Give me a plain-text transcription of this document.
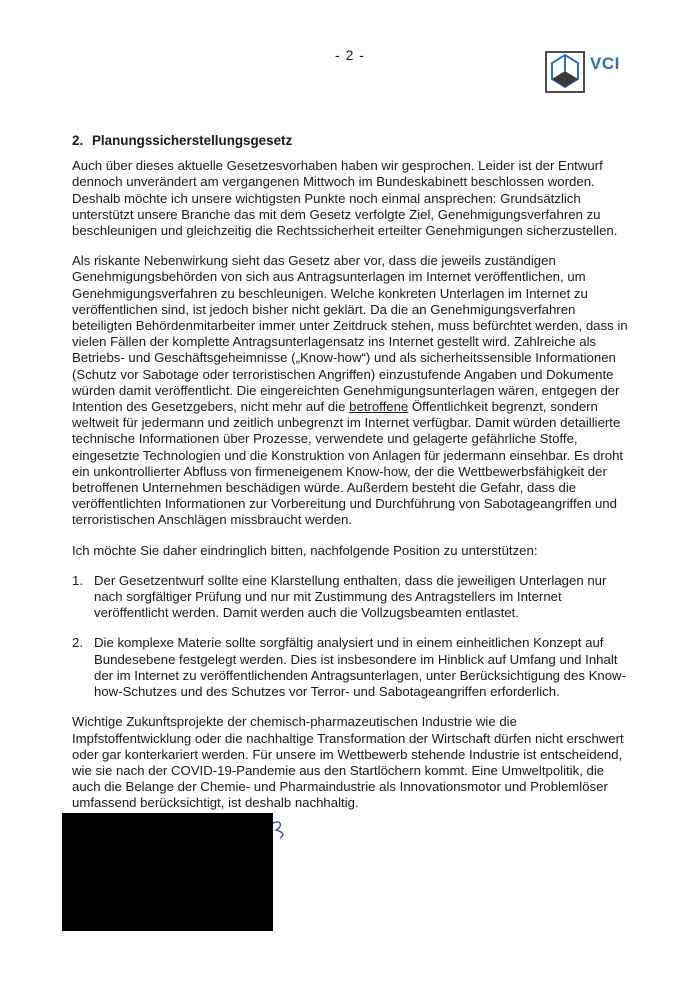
- 2 -	VCI
2. Planungssicherstellungsgesetz

Auch über dieses aktuelle Gesetzesvorhaben haben wir gesprochen. Leider ist der Entwurf dennoch unverändert am vergangenen Mittwoch im Bundeskabinett beschlossen worden. Deshalb möchte ich unsere wichtigsten Punkte noch einmal ansprechen: Grundsätzlich unterstützt unsere Branche das mit dem Gesetz verfolgte Ziel, Genehmigungsverfahren zu beschleunigen und gleichzeitig die Rechtssicherheit erteilter Genehmigungen sicherzustellen.

Als riskante Nebenwirkung sieht das Gesetz aber vor, dass die jeweils zuständigen Genehmigungsbehörden von sich aus Antragsunterlagen im Internet veröffentlichen, um Genehmigungsverfahren zu beschleunigen. Welche konkreten Unterlagen im Internet zu veröffentlichen sind, ist jedoch bisher nicht geklärt. Da die an Genehmigungsverfahren beteiligten Behördenmitarbeiter immer unter Zeitdruck stehen, muss befürchtet werden, dass in vielen Fällen der komplette Antragsunterlagensatz ins Internet gestellt wird. Zahlreiche als Betriebs- und Geschäftsgeheimnisse („Know-how“) und als sicherheitssensible Informationen (Schutz vor Sabotage oder terroristischen Angriffen) einzustufende Angaben und Dokumente würden damit veröffentlicht. Die eingereichten Genehmigungsunterlagen wären, entgegen der Intention des Gesetzgebers, nicht mehr auf die betroffene Öffentlichkeit begrenzt, sondern weltweit für jedermann und zeitlich unbegrenzt im Internet verfügbar. Damit würden detaillierte technische Informationen über Prozesse, verwendete und gelagerte gefährliche Stoffe, eingesetzte Technologien und die Konstruktion von Anlagen für jedermann einsehbar. Es droht ein unkontrollierter Abfluss von firmeneigenem Know-how, der die Wettbewerbsfähigkeit der betroffenen Unternehmen beschädigen würde. Außerdem besteht die Gefahr, dass die veröffentlichten Informationen zur Vorbereitung und Durchführung von Sabotageangriffen und terroristischen Anschlägen missbraucht werden.

Ich möchte Sie daher eindringlich bitten, nachfolgende Position zu unterstützen:

1. Der Gesetzentwurf sollte eine Klarstellung enthalten, dass die jeweiligen Unterlagen nur nach sorgfältiger Prüfung und nur mit Zustimmung des Antragstellers im Internet veröffentlicht werden. Damit werden auch die Vollzugsbeamten entlastet.
2. Die komplexe Materie sollte sorgfältig analysiert und in einem einheitlichen Konzept auf Bundesebene festgelegt werden. Dies ist insbesondere im Hinblick auf Umfang und Inhalt der im Internet zu veröffentlichenden Antragsunterlagen, unter Berücksichtigung des Know-how-Schutzes und des Schutzes vor Terror- und Sabotageangriffen erforderlich.

Wichtige Zukunftsprojekte der chemisch-pharmazeutischen Industrie wie die Impfstoffentwicklung oder die nachhaltige Transformation der Wirtschaft dürfen nicht erschwert oder gar konterkariert werden. Für unsere im Wettbewerb stehende Industrie ist entscheidend, wie sie nach der COVID-19-Pandemie aus den Startlöchern kommt. Eine Umweltpolitik, die auch die Belange der Chemie- und Pharmaindustrie als Innovationsmotor und Problemlöser umfassend berücksichtigt, ist deshalb nachhaltig.
